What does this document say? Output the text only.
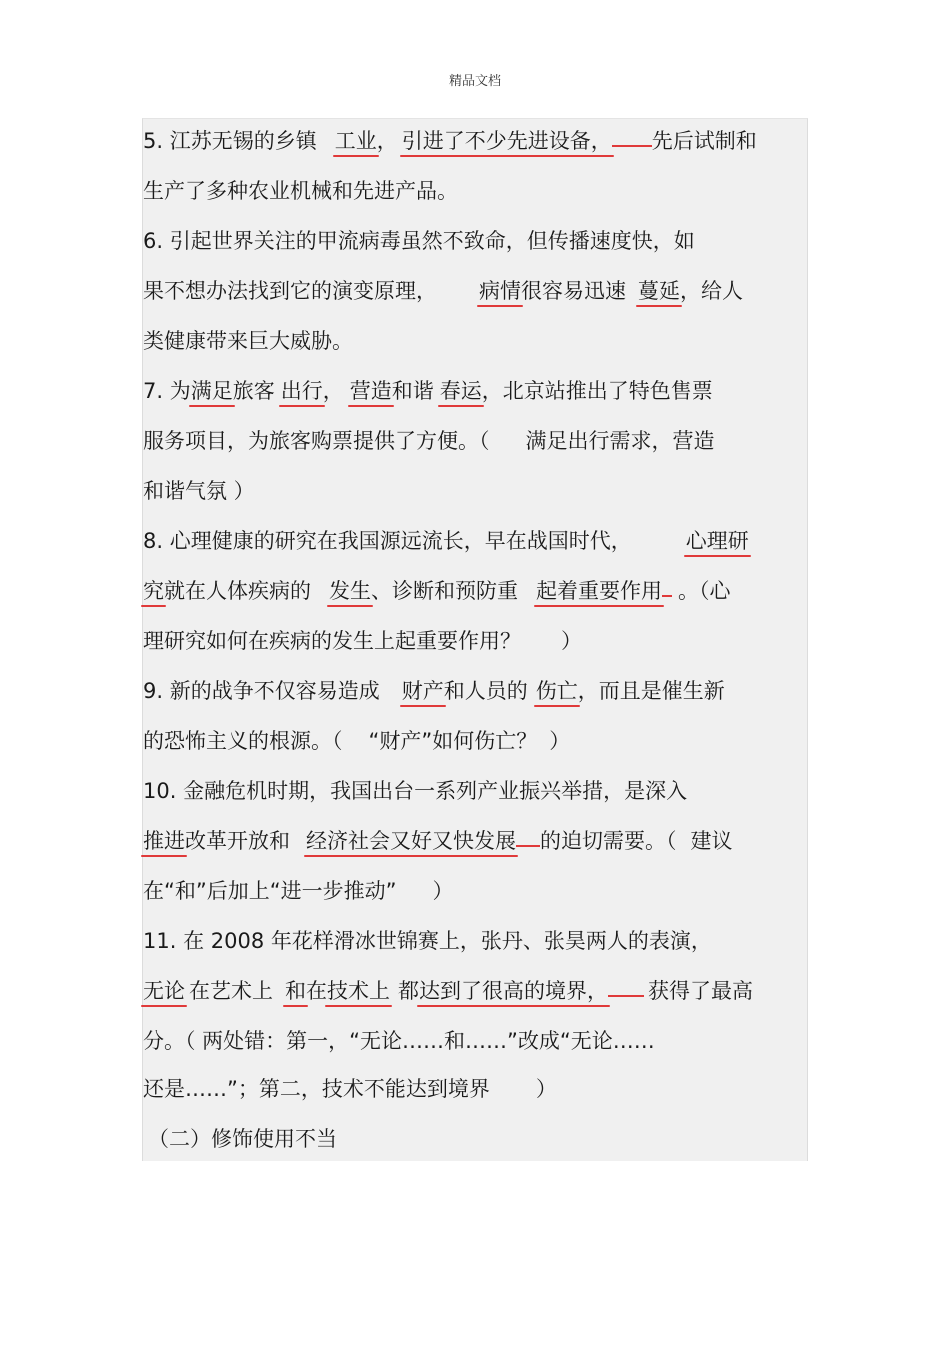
精品文档
5. 江苏无锡的乡镇 工业， 引进了不少先进设备， 先后试制和
生产了多种农业机械和先进产品。
6. 引起世界关注的甲流病毒虽然不致命，但传播速度快，如
果不想办法找到它的演变原理， 病情很容易迅速 蔓延，给人
类健康带来巨大威胁。
7. 为满足旅客 出行， 营造和谐 春运，北京站推出了特色售票
服务项目，为旅客购票提供了方便。（ 满足出行需求，营造
和谐气氛 ）
8. 心理健康的研究在我国源远流长，早在战国时代，	心理研
究就在人体疾病的 发生、诊断和预防重 起着重要作用 。（心
理研究如何在疾病的发生上起重要作用？ ）
9. 新的战争不仅容易造成 财产和人员的 伤亡，而且是催生新
的恐怖主义的根源。（ “财产”如何伤亡？ ）
10. 金融危机时期，我国出台一系列产业振兴举措，是深入
推进改革开放和 经济社会又好又快发展 的迫切需要。（ 建议
在“和”后加上“进一步推动” ）
11. 在 2008 年花样滑冰世锦赛上，张丹、张昊两人的表演，
无论 在艺术上 和在技术上 都达到了很高的境界， 获得了最高
分。（ 两处错：第一，“无论……和……”改成“无论……
还是……”；第二，技术不能达到境界 ）
（二）修饰使用不当
